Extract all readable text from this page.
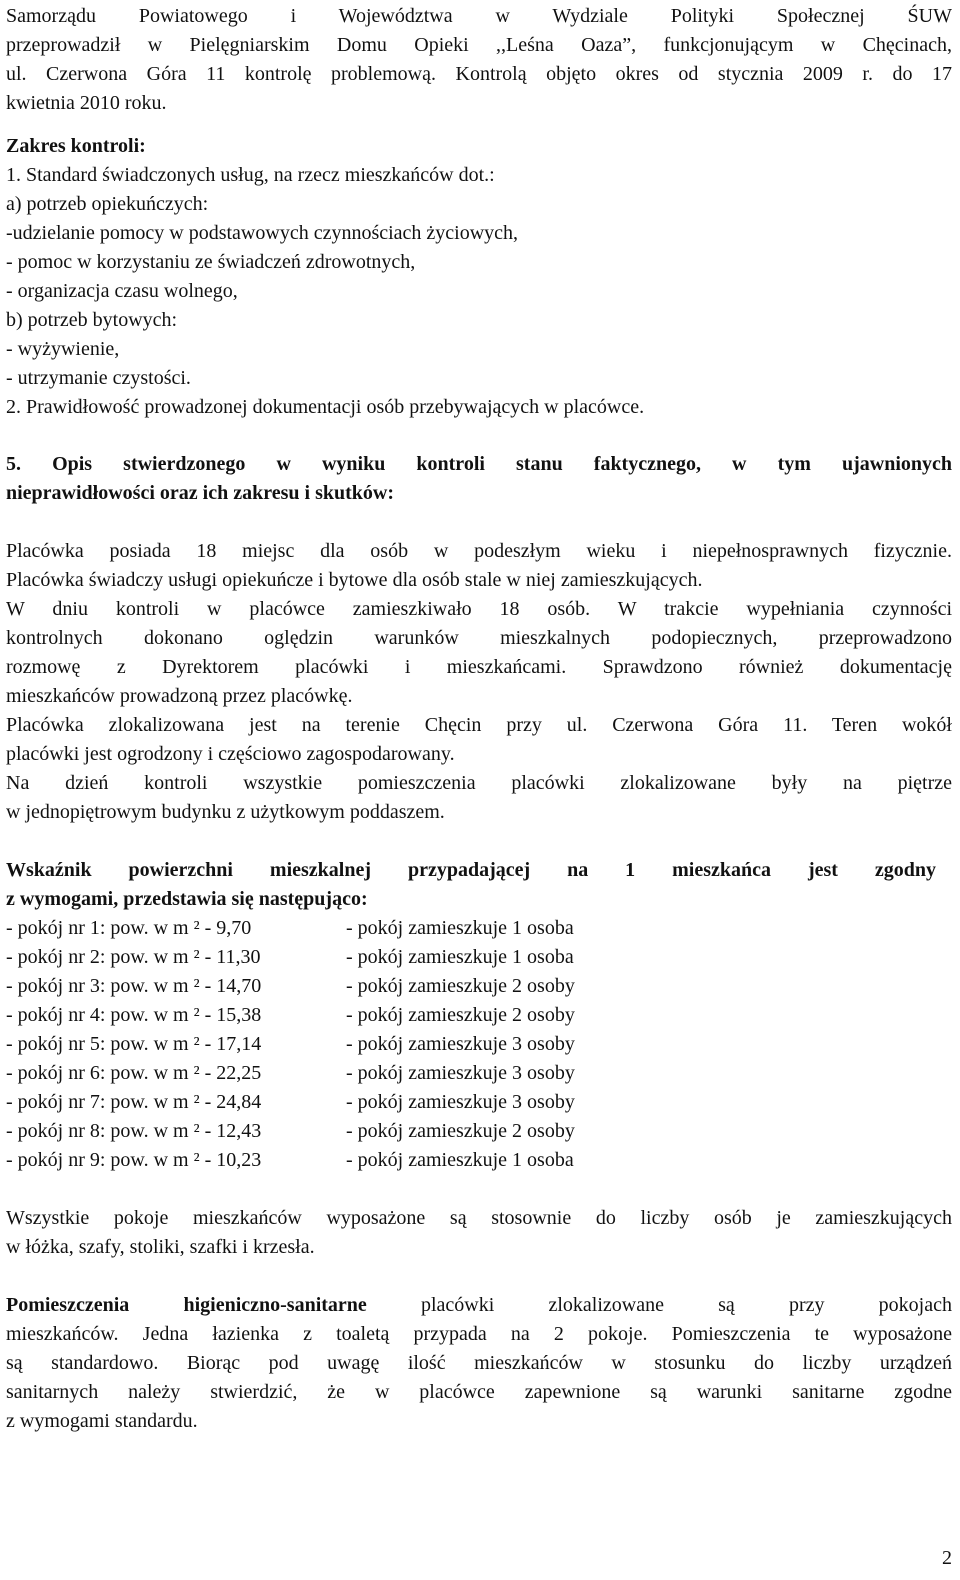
Samorządu Powiatowego i Województwa w Wydziale Polityki Społecznej ŚUW

przeprowadził w Pielęgniarskim Domu Opieki ,,Leśna Oaza”, funkcjonującym w Chęcinach,

ul. Czerwona Góra 11 kontrolę problemową. Kontrolą objęto okres od stycznia 2009 r. do 17

kwietnia 2010 roku.

Zakres kontroli:

1. Standard świadczonych usług, na rzecz mieszkańców dot.:

a) potrzeb opiekuńczych:

-udzielanie pomocy w podstawowych czynnościach życiowych,

- pomoc w korzystaniu ze świadczeń zdrowotnych,

- organizacja czasu wolnego,

b) potrzeb bytowych:

- wyżywienie,

- utrzymanie czystości.

2. Prawidłowość prowadzonej dokumentacji osób przebywających w placówce.

5. Opis stwierdzonego w wyniku kontroli stanu faktycznego, w tym ujawnionych

nieprawidłowości oraz ich zakresu i skutków:

Placówka posiada 18 miejsc dla osób w podeszłym wieku i niepełnosprawnych fizycznie.

Placówka świadczy usługi opiekuńcze i bytowe dla osób stale w niej zamieszkujących.

W dniu kontroli w placówce zamieszkiwało 18 osób. W trakcie wypełniania czynności

kontrolnych dokonano oględzin warunków mieszkalnych podopiecznych, przeprowadzono

rozmowę z Dyrektorem placówki i mieszkańcami. Sprawdzono również dokumentację

mieszkańców prowadzoną przez placówkę.

Placówka zlokalizowana jest na terenie Chęcin przy ul. Czerwona Góra 11. Teren wokół

placówki jest ogrodzony i częściowo zagospodarowany.

Na dzień kontroli wszystkie pomieszczenia placówki zlokalizowane były na piętrze

w jednopiętrowym budynku z użytkowym poddaszem.

Wskaźnik powierzchni mieszkalnej przypadającej na 1 mieszkańca jest zgodny

z wymogami, przedstawia się następująco:

- pokój nr 1: pow. w m ² - 9,70	- pokój zamieszkuje 1 osoba
- pokój nr 2: pow. w m ² - 11,30	- pokój zamieszkuje 1 osoba
- pokój nr 3: pow. w m ² - 14,70	- pokój zamieszkuje 2 osoby
- pokój nr 4: pow. w m ² - 15,38	- pokój zamieszkuje 2 osoby
- pokój nr 5: pow. w m ² - 17,14	- pokój zamieszkuje 3 osoby
- pokój nr 6: pow. w m ² - 22,25	- pokój zamieszkuje 3 osoby
- pokój nr 7: pow. w m ² - 24,84	- pokój zamieszkuje 3 osoby
- pokój nr 8: pow. w m ² - 12,43	- pokój zamieszkuje 2 osoby
- pokój nr 9: pow. w m ² - 10,23	- pokój zamieszkuje 1 osoba

Wszystkie pokoje mieszkańców wyposażone są stosownie do liczby osób je zamieszkujących

w łóżka, szafy, stoliki, szafki i krzesła.

Pomieszczenia higieniczno-sanitarne placówki zlokalizowane są przy pokojach

mieszkańców. Jedna łazienka z toaletą przypada na 2 pokoje. Pomieszczenia te wyposażone

są standardowo. Biorąc pod uwagę ilość mieszkańców w stosunku do liczby urządzeń

sanitarnych należy stwierdzić, że w placówce zapewnione są warunki sanitarne zgodne

z wymogami standardu.

2
